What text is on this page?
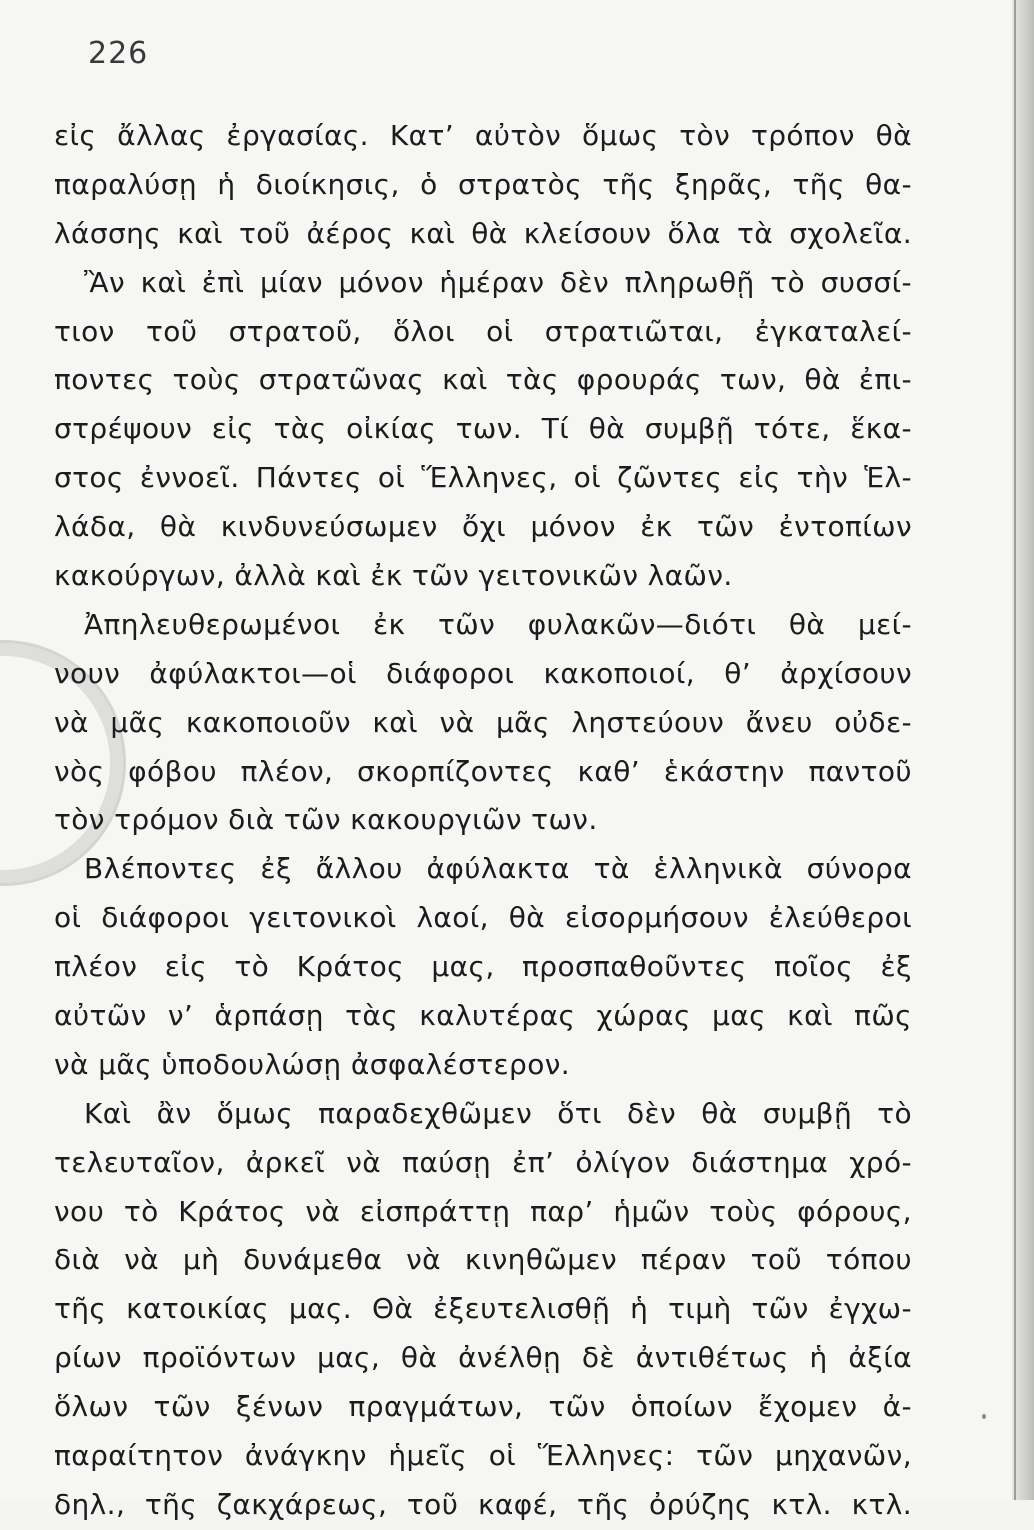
226
εἰς ἄλλας ἐργασίας. Κατ’ αὐτὸν ὅμως τὸν τρόπον θὰ
παραλύσῃ ἡ διοίκησις, ὁ στρατὸς τῆς ξηρᾶς, τῆς θα-
λάσσης καὶ τοῦ ἀέρος καὶ θὰ κλείσουν ὅλα τὰ σχολεῖα.
Ἂν καὶ ἐπὶ μίαν μόνον ἡμέραν δὲν πληρωθῇ τὸ συσσί-
τιον τοῦ στρατοῦ, ὅλοι οἱ στρατιῶται, ἐγκαταλεί-
ποντες τοὺς στρατῶνας καὶ τὰς φρουράς των, θὰ ἐπι-
στρέψουν εἰς τὰς οἰκίας των. Τί θὰ συμβῇ τότε, ἕκα-
στος ἐννοεῖ. Πάντες οἱ Ἕλληνες, οἱ ζῶντες εἰς τὴν Ἑλ-
λάδα, θὰ κινδυνεύσωμεν ὄχι μόνον ἐκ τῶν ἐντοπίων
κακούργων, ἀλλὰ καὶ ἐκ τῶν γειτονικῶν λαῶν.
Ἀπηλευθερωμένοι ἐκ τῶν φυλακῶν—διότι θὰ μεί-
νουν ἀφύλακτοι—οἱ διάφοροι κακοποιοί, θ’ ἀρχίσουν
νὰ μᾶς κακοποιοῦν καὶ νὰ μᾶς ληστεύουν ἄνευ οὐδε-
νὸς φόβου πλέον, σκορπίζοντες καθ’ ἑκάστην παντοῦ
τὸν τρόμον διὰ τῶν κακουργιῶν των.
Βλέποντες ἐξ ἄλλου ἀφύλακτα τὰ ἑλληνικὰ σύνορα
οἱ διάφοροι γειτονικοὶ λαοί, θὰ εἰσορμήσουν ἐλεύθεροι
πλέον εἰς τὸ Κράτος μας, προσπαθοῦντες ποῖος ἐξ
αὐτῶν ν’ ἁρπάσῃ τὰς καλυτέρας χώρας μας καὶ πῶς
νὰ μᾶς ὑποδουλώσῃ ἀσφαλέστερον.
Καὶ ἂν ὅμως παραδεχθῶμεν ὅτι δὲν θὰ συμβῇ τὸ
τελευταῖον, ἀρκεῖ νὰ παύσῃ ἐπ’ ὀλίγον διάστημα χρό-
νου τὸ Κράτος νὰ εἰσπράττῃ παρ’ ἡμῶν τοὺς φόρους,
διὰ νὰ μὴ δυνάμεθα νὰ κινηθῶμεν πέραν τοῦ τόπου
τῆς κατοικίας μας. Θὰ ἐξευτελισθῇ ἡ τιμὴ τῶν ἐγχω-
ρίων προϊόντων μας, θὰ ἀνέλθῃ δὲ ἀντιθέτως ἡ ἀξία
ὅλων τῶν ξένων πραγμάτων, τῶν ὁποίων ἔχομεν ἀ-
παραίτητον ἀνάγκην ἡμεῖς οἱ Ἕλληνες: τῶν μηχανῶν,
δηλ., τῆς ζακχάρεως, τοῦ καφέ, τῆς ὀρύζης κτλ. κτλ.
